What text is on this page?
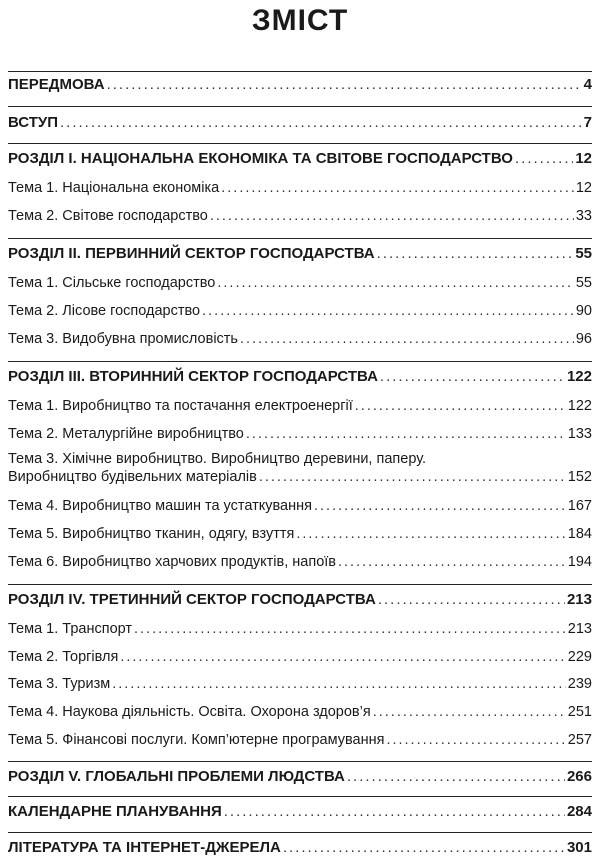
ЗМІСТ
ПЕРЕДМОВА .....	4
ВСТУП .....	7
РОЗДІЛ І. НАЦІОНАЛЬНА ЕКОНОМІКА ТА СВІТОВЕ ГОСПОДАРСТВО .....	12
Тема 1. Національна економіка .....	12
Тема 2. Світове господарство .....	33
РОЗДІЛ ІІ. ПЕРВИННИЙ СЕКТОР ГОСПОДАРСТВА .....	55
Тема 1. Сільське господарство .....	55
Тема 2. Лісове господарство .....	90
Тема 3. Видобувна промисловість .....	96
РОЗДІЛ ІІІ. ВТОРИННИЙ СЕКТОР ГОСПОДАРСТВА .....	122
Тема 1. Виробництво та постачання електроенергії .....	122
Тема 2. Металургійне виробництво .....	133
Тема 3. Хімічне виробництво. Виробництво деревини, паперу.
Виробництво будівельних матеріалів .....	152
Тема 4. Виробництво машин та устаткування .....	167
Тема 5. Виробництво тканин, одягу, взуття .....	184
Тема 6. Виробництво харчових продуктів, напоїв .....	194
РОЗДІЛ IV. ТРЕТИННИЙ СЕКТОР ГОСПОДАРСТВА .....	213
Тема 1. Транспорт .....	213
Тема 2. Торгівля .....	229
Тема 3. Туризм .....	239
Тема 4. Наукова діяльність. Освіта. Охорона здоров’я .....	251
Тема 5. Фінансові послуги. Комп’ютерне програмування .....	257
РОЗДІЛ V. ГЛОБАЛЬНІ ПРОБЛЕМИ ЛЮДСТВА .....	266
КАЛЕНДАРНЕ ПЛАНУВАННЯ .....	284
ЛІТЕРАТУРА ТА ІНТЕРНЕТ-ДЖЕРЕЛА .....	301
